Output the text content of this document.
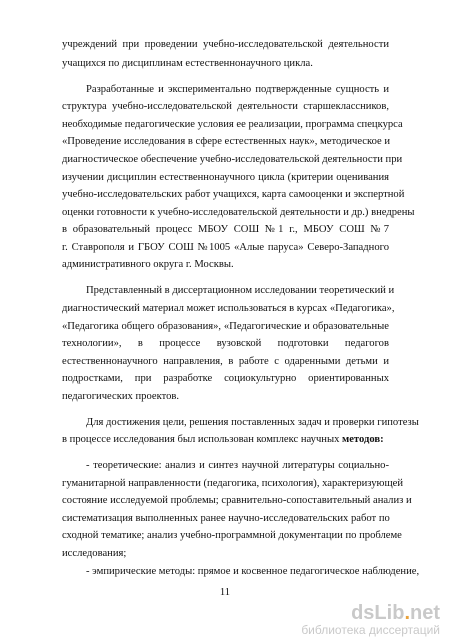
учреждений при проведении учебно-исследовательской деятельности
учащихся по дисциплинам естественнонаучного цикла.
Разработанные и экспериментально подтвержденные сущность и
структура учебно-исследовательской деятельности старшеклассников,
необходимые педагогические условия ее реализации, программа спецкурса
«Проведение исследования в сфере естественных наук», методическое и
диагностическое обеспечение учебно-исследовательской деятельности при
изучении дисциплин естественнонаучного цикла (критерии оценивания
учебно-исследовательских работ учащихся, карта самооценки и экспертной
оценки готовности к учебно-исследовательской деятельности и др.) внедрены
в образовательный процесс МБОУ СОШ №1 г., МБОУ СОШ №7
г. Ставрополя и ГБОУ СОШ №1005 «Алые паруса» Северо-Западного
административного округа г. Москвы.
Представленный в диссертационном исследовании теоретический и
диагностический материал может использоваться в курсах «Педагогика»,
«Педагогика общего образования», «Педагогические и образовательные
технологии», в процессе вузовской подготовки педагогов
естественнонаучного направления, в работе с одаренными детьми и
подростками, при разработке социокультурно ориентированных
педагогических проектов.
Для достижения цели, решения поставленных задач и проверки гипотезы
в процессе исследования был использован комплекс научных методов:
- теоретические: анализ и синтез научной литературы социально-
гуманитарной направленности (педагогика, психология), характеризующей
состояние исследуемой проблемы; сравнительно-сопоставительный анализ и
систематизация выполненных ранее научно-исследовательских работ по
сходной тематике; анализ учебно-программной документации по проблеме
исследования;
- эмпирические методы: прямое и косвенное педагогическое наблюдение,
11
dsLib.net
библиотека диссертаций
